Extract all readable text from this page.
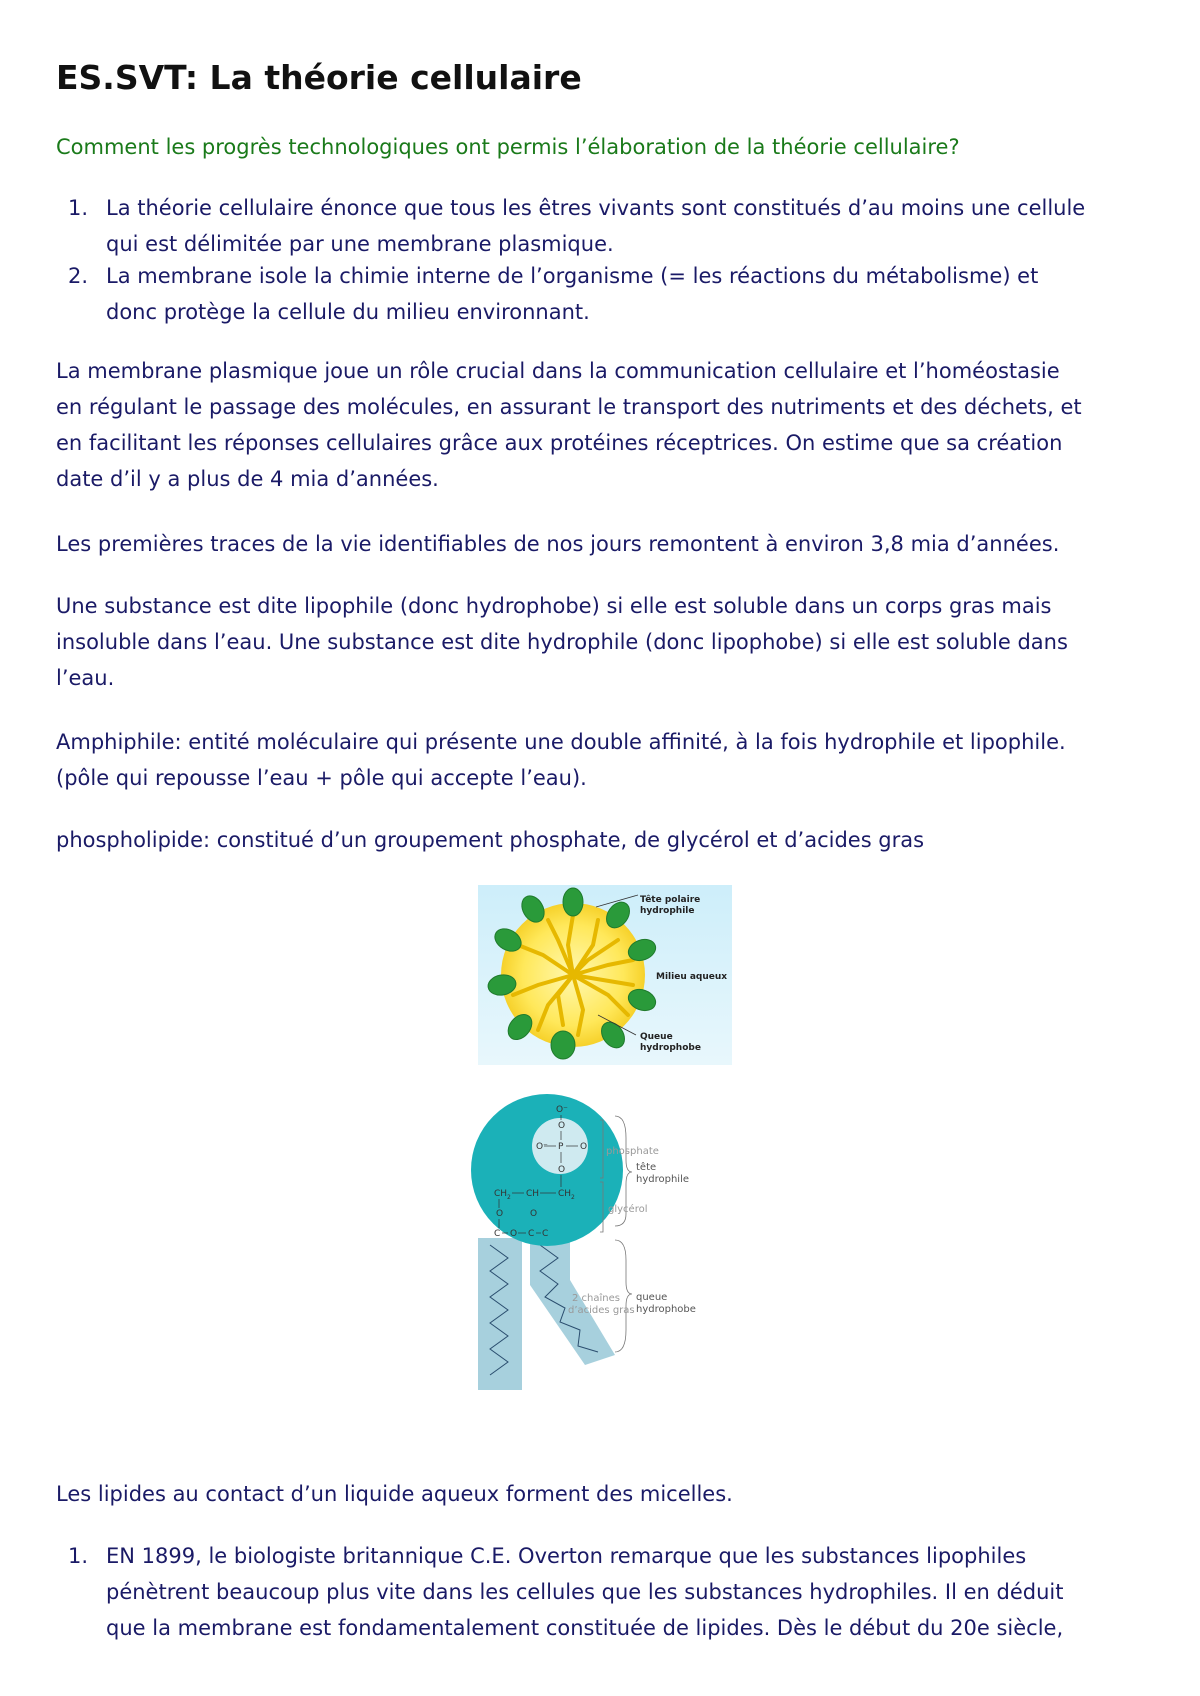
ES.SVT: La théorie cellulaire

Comment les progrès technologiques ont permis l’élaboration de la théorie cellulaire?

1. La théorie cellulaire énonce que tous les êtres vivants sont constitués d’au moins une cellule
qui est délimitée par une membrane plasmique.
2. La membrane isole la chimie interne de l’organisme (= les réactions du métabolisme) et
donc protège la cellule du milieu environnant.

La membrane plasmique joue un rôle crucial dans la communication cellulaire et l’homéostasie
en régulant le passage des molécules, en assurant le transport des nutriments et des déchets, et
en facilitant les réponses cellulaires grâce aux protéines réceptrices. On estime que sa création
date d’il y a plus de 4 mia d’années.

Les premières traces de la vie identifiables de nos jours remontent à environ 3,8 mia d’années.

Une substance est dite lipophile (donc hydrophobe) si elle est soluble dans un corps gras mais
insoluble dans l’eau. Une substance est dite hydrophile (donc lipophobe) si elle est soluble dans
l’eau.

Amphiphile: entité moléculaire qui présente une double affinité, à la fois hydrophile et lipophile.
(pôle qui repousse l’eau + pôle qui accepte l’eau).

phospholipide: constitué d’un groupement phosphate, de glycérol et d’acides gras

Tête polaire
hydrophile
Milieu aqueux
Queue
hydrophobe
O⁻
O
O⁻ P O
O
CH 2 CH CH 2
O	O
C O C C
phosphate
glycérol
2 chaînes
d’acides gras
tête
hydrophile
queue
hydrophobe

Les lipides au contact d’un liquide aqueux forment des micelles.

1. EN 1899, le biologiste britannique C.E. Overton remarque que les substances lipophiles
pénètrent beaucoup plus vite dans les cellules que les substances hydrophiles. Il en déduit
que la membrane est fondamentalement constituée de lipides. Dès le début du 20e siècle,
